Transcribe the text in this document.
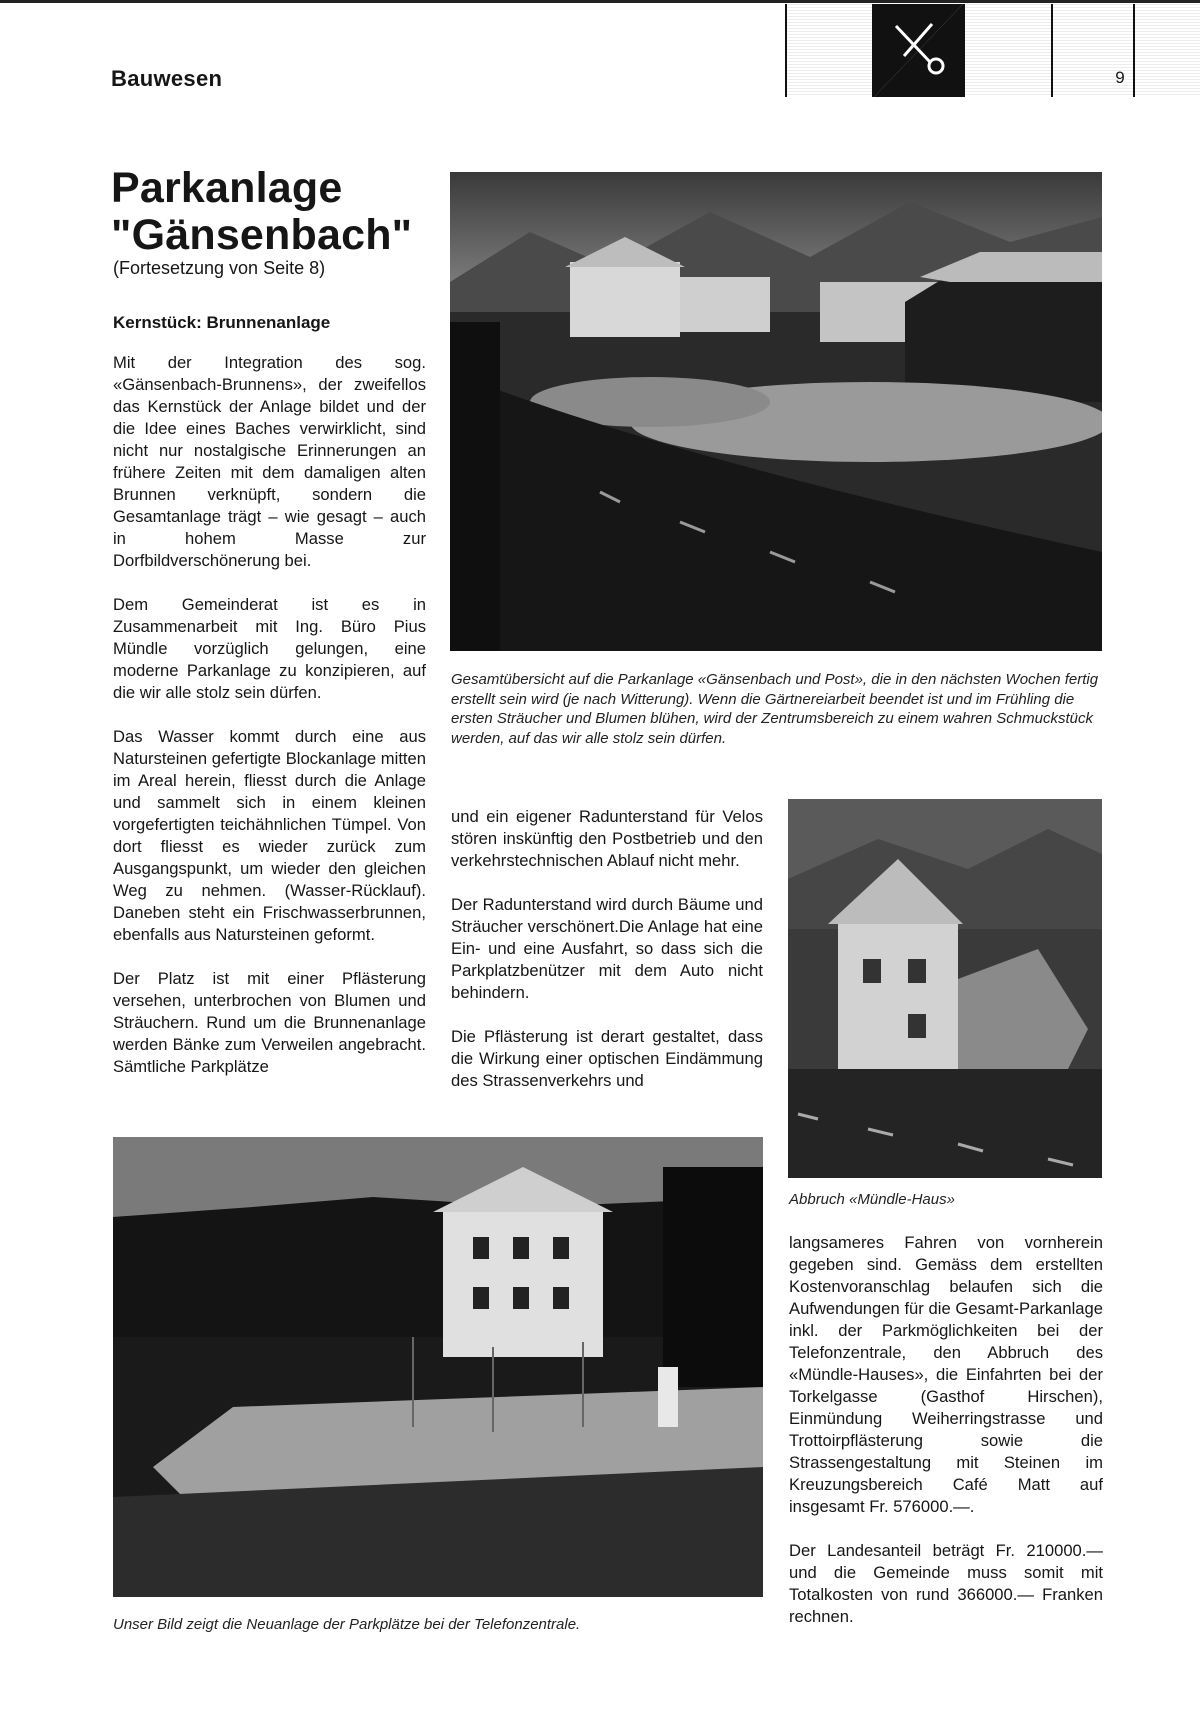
Bauwesen	9
Parkanlage
"Gänsenbach"
(Fortesetzung von Seite 8)
Kernstück: Brunnenanlage

Mit der Integration des sog. «Gänsenbach-Brunnens», der zweifellos das Kernstück der Anlage bildet und der die Idee eines Baches verwirklicht, sind nicht nur nostalgische Erinnerungen an frühere Zeiten mit dem damaligen alten Brunnen verknüpft, sondern die Gesamtanlage trägt – wie gesagt – auch in hohem Masse zur Dorfbildverschönerung bei.

Dem Gemeinderat ist es in Zusammenarbeit mit Ing. Büro Pius Mündle vorzüglich gelungen, eine moderne Parkanlage zu konzipieren, auf die wir alle stolz sein dürfen.

Das Wasser kommt durch eine aus Natursteinen gefertigte Blockanlage mitten im Areal herein, fliesst durch die Anlage und sammelt sich in einem kleinen vorgefertigten teichähnlichen Tümpel. Von dort fliesst es wieder zurück zum Ausgangspunkt, um wieder den gleichen Weg zu nehmen. (Wasser-Rücklauf). Daneben steht ein Frischwasserbrunnen, ebenfalls aus Natursteinen geformt.

Der Platz ist mit einer Pflästerung versehen, unterbrochen von Blumen und Sträuchern. Rund um die Brunnenanlage werden Bänke zum Verweilen angebracht. Sämtliche Parkplätze

Gesamtübersicht auf die Parkanlage «Gänsenbach und Post», die in den nächsten Wochen fertig erstellt sein wird (je nach Witterung). Wenn die Gärtnereiarbeit beendet ist und im Frühling die ersten Sträucher und Blumen blühen, wird der Zentrumsbereich zu einem wahren Schmuckstück werden, auf das wir alle stolz sein dürfen.

und ein eigener Radunterstand für Velos stören inskünftig den Postbetrieb und den verkehrstechnischen Ablauf nicht mehr.

Der Radunterstand wird durch Bäume und Sträucher verschönert.Die Anlage hat eine Ein- und eine Ausfahrt, so dass sich die Parkplatzbenützer mit dem Auto nicht behindern.

Die Pflästerung ist derart gestaltet, dass die Wirkung einer optischen Eindämmung des Strassenverkehrs und

Abbruch «Mündle-Haus»
Unser Bild zeigt die Neuanlage der Parkplätze bei der Telefonzentrale.

langsameres Fahren von vornherein gegeben sind. Gemäss dem erstellten Kostenvoranschlag belaufen sich die Aufwendungen für die Gesamt-Parkanlage inkl. der Parkmöglichkeiten bei der Telefonzentrale, den Abbruch des «Mündle-Hauses», die Einfahrten bei der Torkelgasse (Gasthof Hirschen), Einmündung Weiherringstrasse und Trottoirpflästerung sowie die Strassengestaltung mit Steinen im Kreuzungsbereich Café Matt auf insgesamt Fr. 576000.—.

Der Landesanteil beträgt Fr. 210000.— und die Gemeinde muss somit mit Totalkosten von rund 366000.— Franken rechnen.
